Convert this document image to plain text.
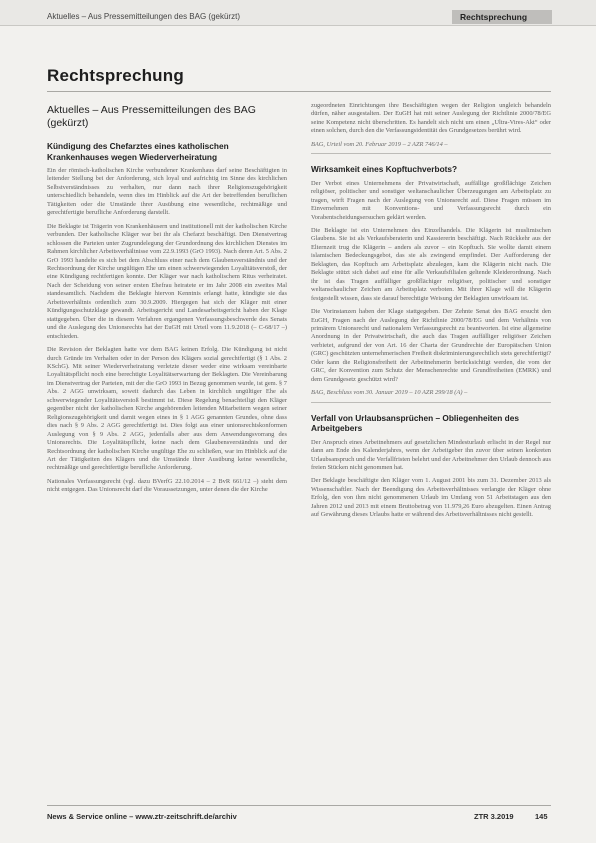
Aktuelles – Aus Pressemitteilungen des BAG (gekürzt)	Rechtsprechung
Rechtsprechung
Aktuelles – Aus Pressemitteilungen des BAG (gekürzt)
Kündigung des Chefarztes eines katholischen Krankenhauses wegen Wiederverheiratung

Ein der römisch-katholischen Kirche verbundener Krankenhaus darf seine Beschäftigten in leitender Stellung bei der Anforderung, sich loyal und aufrichtig im Sinne des kirchlichen Selbstverständnisses zu verhalten, nur dann nach ihrer Religionszugehörigkeit unterschiedlich behandeln, wenn dies im Hinblick auf die Art der betreffenden beruflichen Tätigkeiten oder die Umstände ihrer Ausübung eine wesentliche, rechtmäßige und gerechtfertigte berufliche Anforderung darstellt.

Die Beklagte ist Trägerin von Krankenhäusern und institutionell mit der katholischen Kirche verbunden. Der katholische Kläger war bei ihr als Chefarzt beschäftigt. Den Dienstvertrag schlossen die Parteien unter Zugrundelegung der Grundordnung des kirchlichen Dienstes im Rahmen kirchlicher Arbeitsverhältnisse vom 22.9.1993 (GrO 1993). Nach deren Art. 5 Abs. 2 GrO 1993 handelte es sich bei dem Abschluss einer nach dem Glaubensverständnis und der Rechtsordnung der Kirche ungültigen Ehe um einen schwerwiegenden Loyalitätsverstoß, der eine Kündigung rechtfertigen konnte. Der Kläger war nach katholischem Ritus verheiratet. Nach der Scheidung von seiner ersten Ehefrau heiratete er im Jahr 2008 ein zweites Mal standesamtlich. Nachdem die Beklagte hiervon Kenntnis erlangt hatte, kündigte sie das Arbeitsverhältnis ordentlich zum 30.9.2009. Hiergegen hat sich der Kläger mit einer Kündigungsschutzklage gewandt. Arbeitsgericht und Landesarbeitsgericht haben der Klage stattgegeben. Über die in diesem Verfahren ergangenen Verfassungsbeschwerde des Senats und die Auslegung des Unionsrechts hat der EuGH mit Urteil vom 11.9.2018 (– C-68/17 –) entschieden.

Die Revision der Beklagten hatte vor dem BAG keinen Erfolg. Die Kündigung ist nicht durch Gründe im Verhalten oder in der Person des Klägers sozial gerechtfertigt (§ 1 Abs. 2 KSchG). Mit seiner Wiederverheiratung verletzte dieser weder eine wirksam vereinbarte Loyalitätspflicht noch eine berechtigte Loyalitätserwartung der Beklagten. Die Vereinbarung im Dienstvertrag der Parteien, mit der die GrO 1993 in Bezug genommen wurde, ist gem. § 7 Abs. 2 AGG unwirksam, soweit dadurch das Leben in kirchlich ungültiger Ehe als schwerwiegender Loyalitätsverstoß bestimmt ist. Diese Regelung benachteiligt den Kläger gegenüber nicht der katholischen Kirche angehörenden leitenden Mitarbeitern wegen seiner Religionszugehörigkeit und damit wegen eines in § 1 AGG genannten Grundes, ohne dass dies nach § 9 Abs. 2 AGG gerechtfertigt ist. Dies folgt aus einer unionsrechtskonformen Auslegung von § 9 Abs. 2 AGG, jedenfalls aber aus dem Anwendungsvorrang des Unionsrechts. Die Loyalitätspflicht, keine nach dem Glaubensverständnis und der Rechtsordnung der katholischen Kirche ungültige Ehe zu schließen, war im Hinblick auf die Art der Tätigkeiten des Klägers und die Umstände ihrer Ausübung keine wesentliche, rechtmäßige und gerechtfertigte berufliche Anforderung.

Nationales Verfassungsrecht (vgl. dazu BVerfG 22.10.2014 – 2 BvR 661/12 –) steht dem nicht entgegen. Das Unionsrecht darf die Voraussetzungen, unter denen die der Kirche

zugeordneten Einrichtungen ihre Beschäftigten wegen der Religion ungleich behandeln dürfen, näher ausgestalten. Der EuGH hat mit seiner Auslegung der Richtlinie 2000/78/EG seine Kompetenz nicht überschritten. Es handelt sich nicht um einen „Ultra-Vires-Akt“ oder einen solchen, durch den die Verfassungsidentität des Grundgesetzes berührt wird.

BAG, Urteil vom 20. Februar 2019 – 2 AZR 746/14 –

Wirksamkeit eines Kopftuchverbots?

Der Verbot eines Unternehmens der Privatwirtschaft, auffällige großflächige Zeichen religiöser, politischer und sonstiger weltanschaulicher Überzeugungen am Arbeitsplatz zu tragen, wirft Fragen nach der Auslegung von Unionsrecht auf. Diese Fragen müssen im Einvernehmen mit Konventions- und Verfassungsrecht durch ein Vorabentscheidungsersuchen geklärt werden.

Die Beklagte ist ein Unternehmen des Einzelhandels. Die Klägerin ist muslimischen Glaubens. Sie ist als Verkaufsberaterin und Kassiererin beschäftigt. Nach Rückkehr aus der Elternzeit trug die Klägerin – anders als zuvor – ein Kopftuch. Sie wollte damit einem islamischen Bedeckungsgebot, das sie als zwingend empfindet. Der Aufforderung der Beklagten, das Kopftuch am Arbeitsplatz abzulegen, kam die Klägerin nicht nach. Die Beklagte stützt sich dabei auf eine für alle Verkaufsfilialen geltende Kleiderordnung. Nach ihr ist das Tragen auffälliger großflächiger religiöser, politischer und sonstiger weltanschaulicher Zeichen am Arbeitsplatz verboten. Mit ihrer Klage will die Klägerin festgestellt wissen, dass sie darauf berechtigte Weisung der Beklagten unwirksam ist.

Die Vorinstanzen haben der Klage stattgegeben. Der Zehnte Senat des BAG ersucht den EuGH, Fragen nach der Auslegung der Richtlinie 2000/78/EG und dem Verhältnis von primärem Unionsrecht und nationalem Verfassungsrecht zu beantworten. Ist eine allgemeine Anordnung in der Privatwirtschaft, die auch das Tragen auffälliger religiöser Zeichen verbietet, aufgrund der von Art. 16 der Charta der Grundrechte der Europäischen Union (GRC) geschützten unternehmerischen Freiheit diskriminierungsrechtlich stets gerechtfertigt? Oder kann die Religionsfreiheit der Arbeitnehmerin berücksichtigt werden, die vom der GRC, der Konvention zum Schutz der Menschenrechte und Grundfreiheiten (EMRK) und dem Grundgesetz geschützt wird?

BAG, Beschluss vom 30. Januar 2019 – 10 AZR 299/18 (A) –

Verfall von Urlaubsansprüchen – Obliegenheiten des Arbeitgebers

Der Anspruch eines Arbeitnehmers auf gesetzlichen Mindesturlaub erlischt in der Regel nur dann am Ende des Kalenderjahres, wenn der Arbeitgeber ihn zuvor über seinen konkreten Urlaubsanspruch und die Verfallfristen belehrt und der Arbeitnehmer den Urlaub dennoch aus freien Stücken nicht genommen hat.

Der Beklagte beschäftigte den Kläger vom 1. August 2001 bis zum 31. Dezember 2013 als Wissenschaftler. Nach der Beendigung des Arbeitsverhältnisses verlangte der Kläger ohne Erfolg, den von ihm nicht genommenen Urlaub im Umfang von 51 Arbeitstagen aus den Jahren 2012 und 2013 mit einem Bruttobetrag von 11.979,26 Euro abzugelten. Einen Antrag auf Gewährung dieses Urlaubs hatte er während des Arbeitsverhältnisses nicht gestellt.

News & Service online – www.ztr-zeitschrift.de/archiv	ZTR 3.2019	145
